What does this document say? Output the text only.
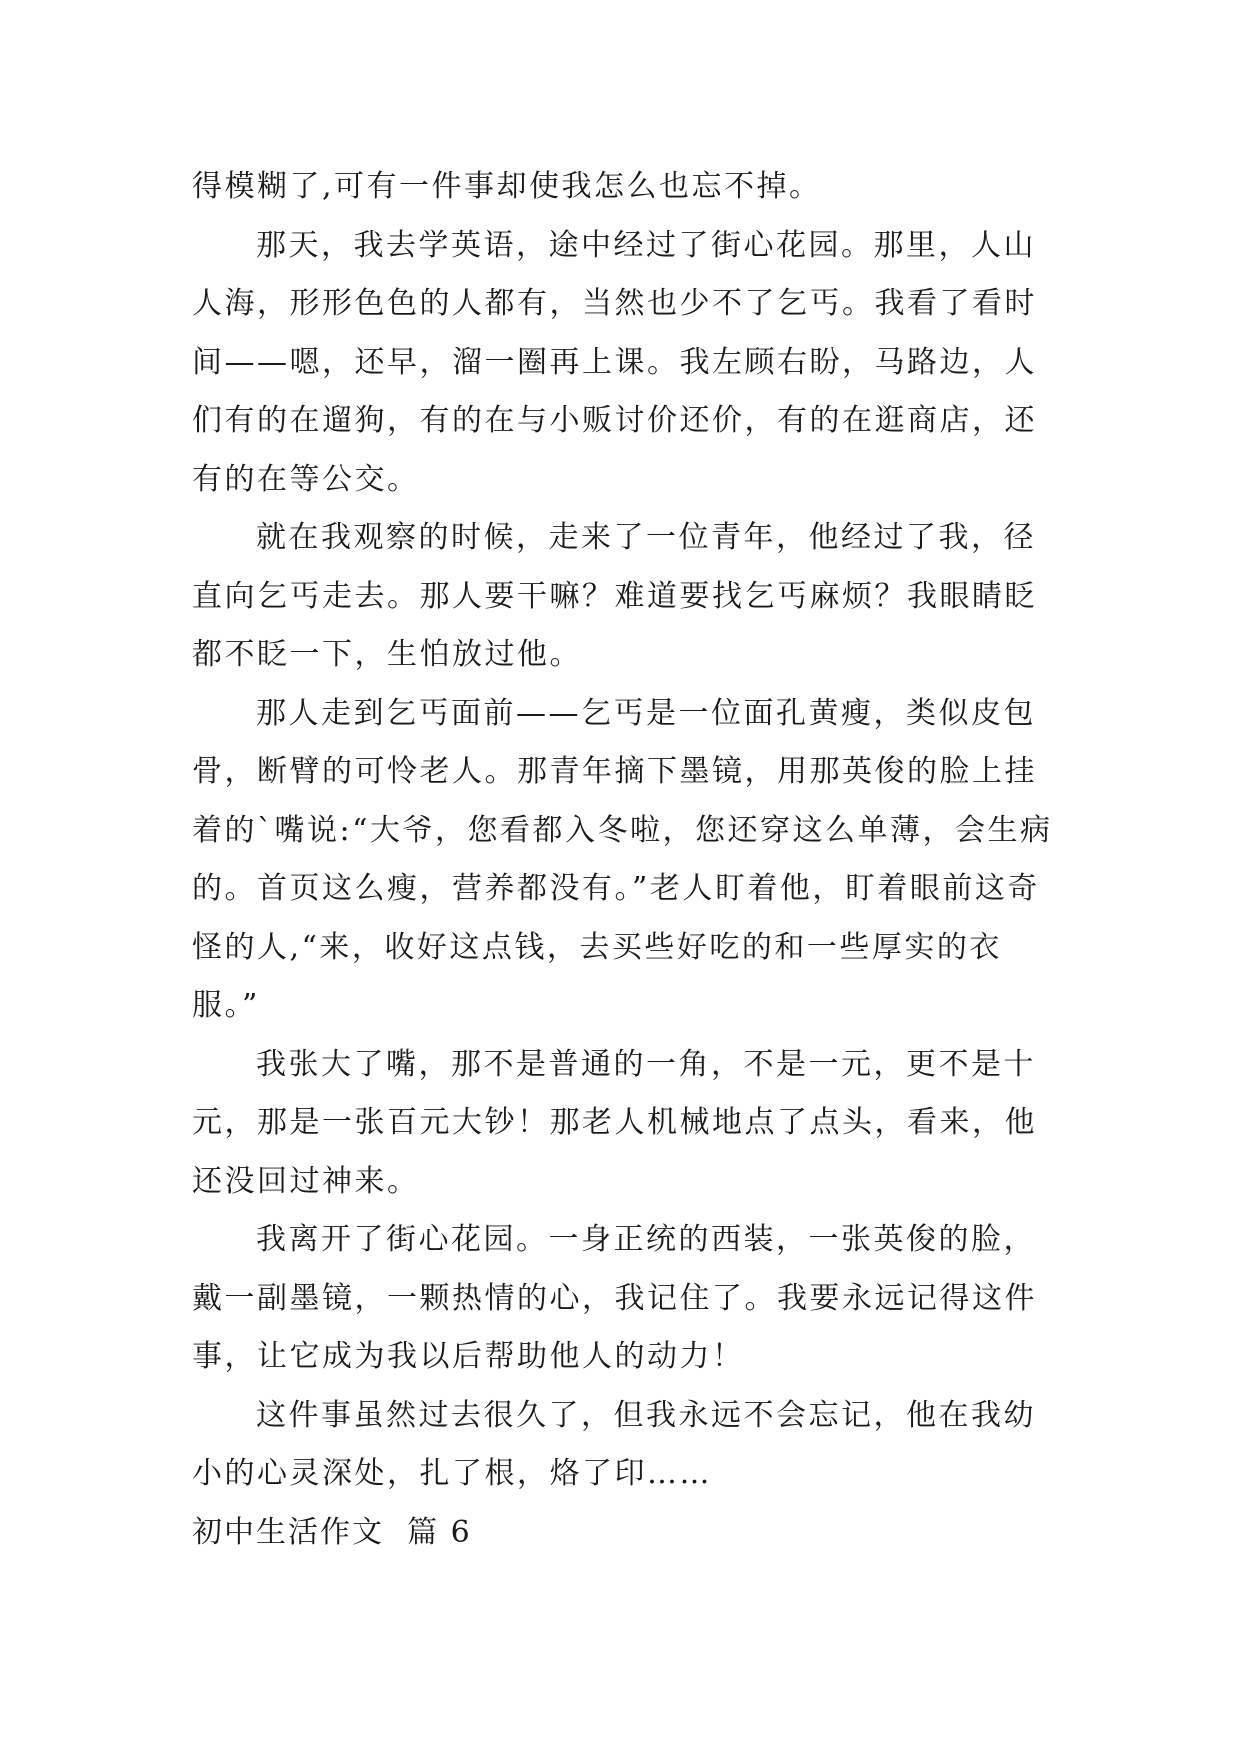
得模糊了,可有一件事却使我怎么也忘不掉。

那天，我去学英语，途中经过了街心花园。那里，人山人海，形形色色的人都有，当然也少不了乞丐。我看了看时间——嗯，还早，溜一圈再上课。我左顾右盼，马路边，人们有的在遛狗，有的在与小贩讨价还价，有的在逛商店，还有的在等公交。

就在我观察的时候，走来了一位青年，他经过了我，径直向乞丐走去。那人要干嘛？难道要找乞丐麻烦？我眼睛眨都不眨一下，生怕放过他。

那人走到乞丐面前——乞丐是一位面孔黄瘦，类似皮包骨，断臂的可怜老人。那青年摘下墨镜，用那英俊的脸上挂着的`嘴说:“大爷，您看都入冬啦，您还穿这么单薄，会生病的。首页这么瘦，营养都没有。”老人盯着他，盯着眼前这奇怪的人,“来，收好这点钱，去买些好吃的和一些厚实的衣服。”

我张大了嘴，那不是普通的一角，不是一元，更不是十元，那是一张百元大钞！那老人机械地点了点头，看来，他还没回过神来。

我离开了街心花园。一身正统的西装，一张英俊的脸，戴一副墨镜，一颗热情的心，我记住了。我要永远记得这件事，让它成为我以后帮助他人的动力！

这件事虽然过去很久了，但我永远不会忘记，他在我幼小的心灵深处，扎了根，烙了印……

初中生活作文  篇 6
